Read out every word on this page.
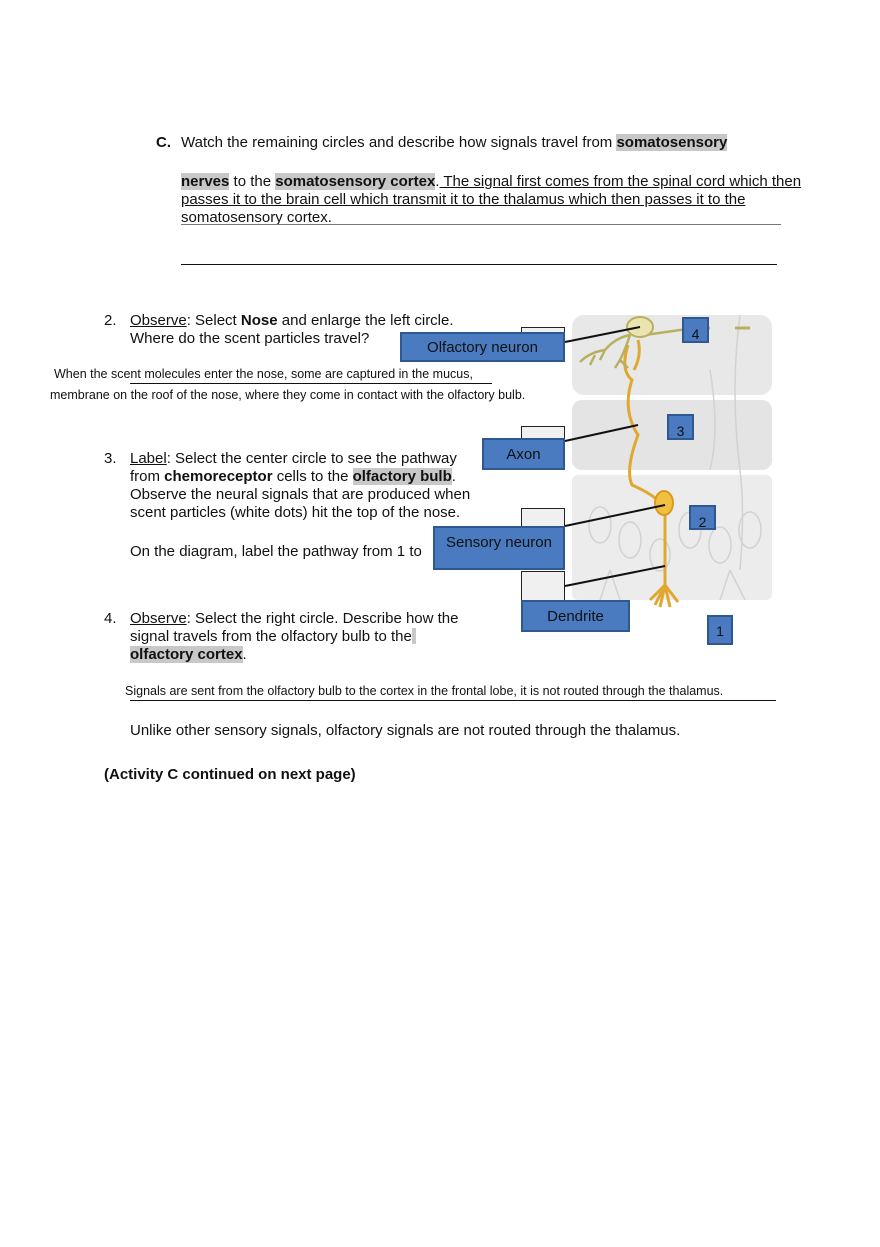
C. Watch the remaining circles and describe how signals travel from somatosensory
nerves to the somatosensory cortex. The signal first comes from the spinal cord which then
passes it to the brain cell which transmit it to the thalamus which then passes it to the
somatosensory cortex.
2. Observe: Select Nose and enlarge the left circle.
Where do the scent particles travel?
When the scent molecules enter the nose, some are captured in the mucus,
membrane on the roof of the nose, where they come in contact with the olfactory bulb.
3. Label: Select the center circle to see the pathway
from chemoreceptor cells to the olfactory bulb.
Observe the neural signals that are produced when
scent particles (white dots) hit the top of the nose.
On the diagram, label the pathway from 1 to
Olfactory neuron
Axon
Sensory neuron
Dendrite
4
3
2
1
4. Observe: Select the right circle. Describe how the
signal travels from the olfactory bulb to the
olfactory cortex.
Signals are sent from the olfactory bulb to the cortex in the frontal lobe, it is not routed through the thalamus.
Unlike other sensory signals, olfactory signals are not routed through the thalamus.
(Activity C continued on next page)
